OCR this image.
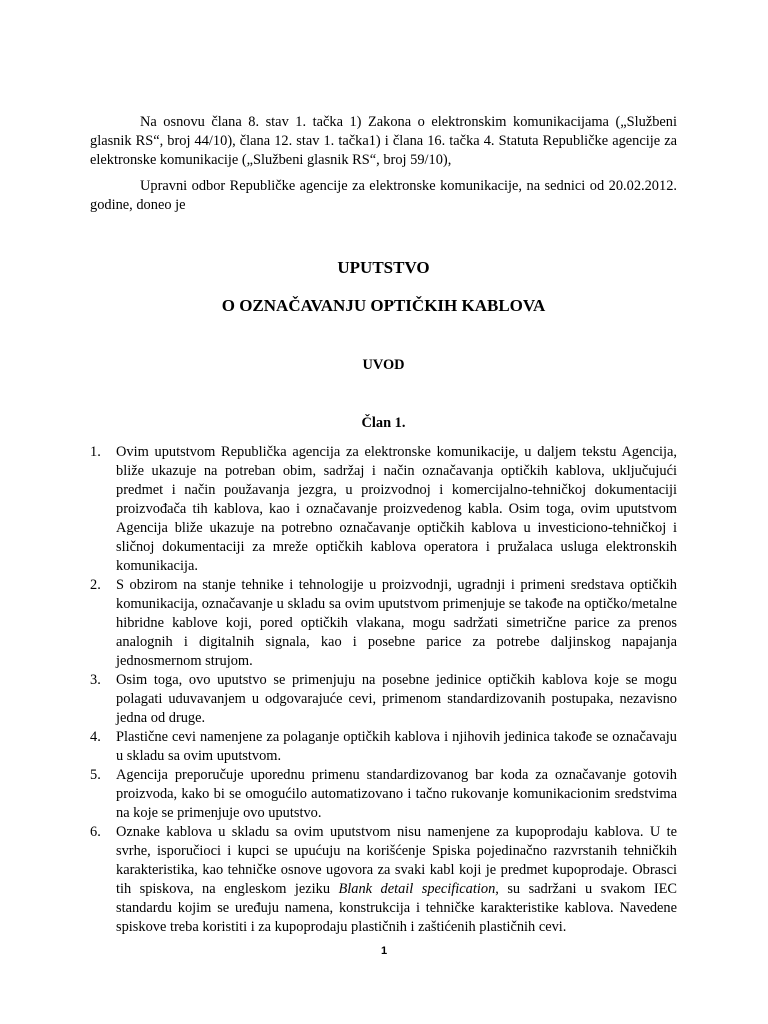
Na osnovu člana 8. stav 1. tačka 1) Zakona o elektronskim komunikacijama („Službeni glasnik RS“, broj 44/10), člana 12. stav 1. tačka1) i člana 16. tačka 4. Statuta Republičke agencije za elektronske komunikacije („Službeni glasnik RS“, broj 59/10),

Upravni odbor Republičke agencije za elektronske komunikacije, na sednici od 20.02.2012. godine, doneo je

UPUTSTVO

O OZNAČAVANJU OPTIČKIH KABLOVA

UVOD

Član 1.

1. Ovim uputstvom Republička agencija za elektronske komunikacije, u daljem tekstu Agencija, bliže ukazuje na potreban obim, sadržaj i način označavanja optičkih kablova, uključujući predmet i način použavanja jezgra, u proizvodnoj i komercijalno-tehničkoj dokumentaciji proizvođača tih kablova, kao i označavanje proizvedenog kabla. Osim toga, ovim uputstvom Agencija bliže ukazuje na potrebno označavanje optičkih kablova u investiciono-tehničkoj i sličnoj dokumentaciji za mreže optičkih kablova operatora i pružalaca usluga elektronskih komunikacija.
2. S obzirom na stanje tehnike i tehnologije u proizvodnji, ugradnji i primeni sredstava optičkih komunikacija, označavanje u skladu sa ovim uputstvom primenjuje se takođe na optičko/metalne hibridne kablove koji, pored optičkih vlakana, mogu sadržati simetrične parice za prenos analognih i digitalnih signala, kao i posebne parice za potrebe daljinskog napajanja jednosmernom strujom.
3. Osim toga, ovo uputstvo se primenjuju na posebne jedinice optičkih kablova koje se mogu polagati uduvavanjem u odgovarajuće cevi, primenom standardizovanih postupaka, nezavisno jedna od druge.
4. Plastične cevi namenjene za polaganje optičkih kablova i njihovih jedinica takođe se označavaju u skladu sa ovim uputstvom.
5. Agencija preporučuje uporednu primenu standardizovanog bar koda za označavanje gotovih proizvoda, kako bi se omogućilo automatizovano i tačno rukovanje komunikacionim sredstvima na koje se primenjuje ovo uputstvo.
6. Oznake kablova u skladu sa ovim uputstvom nisu namenjene za kupoprodaju kablova. U te svrhe, isporučioci i kupci se upućuju na korišćenje Spiska pojedinačno razvrstanih tehničkih karakteristika, kao tehničke osnove ugovora za svaki kabl koji je predmet kupoprodaje. Obrasci tih spiskova, na engleskom jeziku Blank detail specification, su sadržani u svakom IEC standardu kojim se uređuju namena, konstrukcija i tehničke karakteristike kablova. Navedene spiskove treba koristiti i za kupoprodaju plastičnih i zaštićenih plastičnih cevi.
1
